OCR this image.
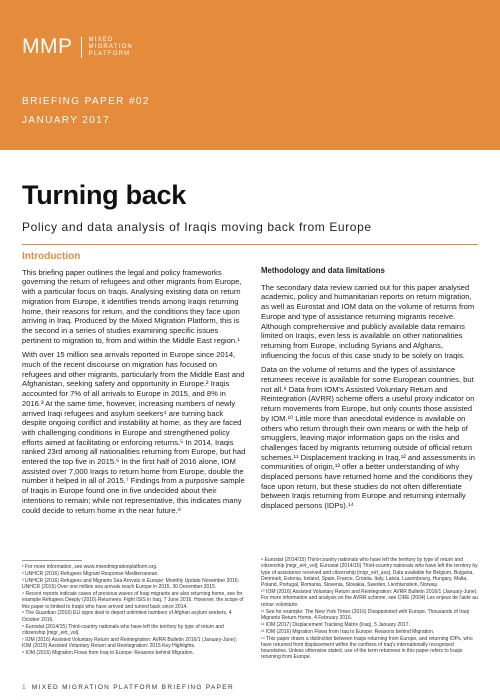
MMP	MIXED
MIGRATION
PLATFORM
BRIEFING PAPER #02
JANUARY 2017
Turning back
Policy and data analysis of Iraqis moving back from Europe
Introduction

This briefing paper outlines the legal and policy frameworks governing the return of refugees and other migrants from Europe, with a particular focus on Iraqis. Analysing existing data on return migration from Europe, it identifies trends among Iraqis returning home, their reasons for return, and the conditions they face upon arriving in Iraq. Produced by the Mixed Migration Platform, this is the second in a series of studies examining specific issues pertinent to migration to, from and within the Middle East region.¹

With over 15 million sea arrivals reported in Europe since 2014, much of the recent discourse on migration has focused on refugees and other migrants, particularly from the Middle East and Afghanistan, seeking safety and opportunity in Europe.² Iraqis accounted for 7% of all arrivals to Europe in 2015, and 8% in 2016.³ At the same time, however, increasing numbers of newly arrived Iraqi refugees and asylum seekers⁴ are turning back despite ongoing conflict and instability at home, as they are faced with challenging conditions in Europe and strengthened policy efforts aimed at facilitating or enforcing returns.⁵ In 2014, Iraqis ranked 23rd among all nationalities returning from Europe, but had entered the top five in 2015.⁶ In the first half of 2016 alone, IOM assisted over 7,000 Iraqis to return home from Europe, double the number it helped in all of 2015.⁷ Findings from a purposive sample of Iraqis in Europe found one in five undecided about their intentions to remain; while not representative, this indicates many could decide to return home in the near future.⁸

Methodology and data limitations

The secondary data review carried out for this paper analysed academic, policy and humanitarian reports on return migration, as well as Eurostat and IOM data on the volume of returns from Europe and type of assistance returning migrants receive. Although comprehensive and publicly available data remains limited on Iraqis, even less is available on other nationalities returning from Europe, including Syrians and Afghans, influencing the focus of this case study to be solely on Iraqis.

Data on the volume of returns and the types of assistance returnees receive is available for some European countries, but not all.⁹ Data from IOM's Assisted Voluntary Return and Reintegration (AVRR) scheme offers a useful proxy indicator on return movements from Europe, but only counts those assisted by IOM.¹⁰ Little more than anecdotal evidence is available on others who return through their own means or with the help of smugglers, leaving major information gaps on the risks and challenges faced by migrants returning outside of official return schemes.¹¹ Displacement tracking in Iraq,¹² and assessments in communities of origin,¹³ offer a better understanding of why displaced persons have returned home and the conditions they face upon return, but these studies do not often differentiate between Iraqis returning from Europe and returning internally displaced persons (IDPs).¹⁴

¹ For more information, see www.mixedmigrationplatform.org.
² UNHCR (2016) Refugees Migrant Response Mediterranean.
³ UNHCR (2016) Refugees and Migrants Sea Arrivals in Europe: Monthly Update November 2016; UNHCR (2015) Over one million sea arrivals reach Europe in 2015, 30 December 2015.
⁴ Recent reports indicate cases of previous waves of Iraqi migrants are also returning home, see for example Refugees Deeply (2016) Returnees: Fight ISIS in Iraq, 7 June 2016. However, the scope of this paper is limited to Iraqis who have arrived and turned back since 2014.
⁵ The Guardian (2016) EU signs deal to deport unlimited numbers of Afghan asylum seekers, 4 October 2016.
⁶ Eurostat (2014/15) Third-country nationals who have left the territory by type of return and citizenship [migr_eirt_vol].
⁷ IOM (2016) Assisted Voluntary Return and Reintegration: AVRR Bulletin 2016/1 (January-June); IOM (2015) Assisted Voluntary Return and Reintegration: 2015 Key Highlights.
⁸ IOM (2016) Migration Flows from Iraq to Europe: Reasons behind Migration.
⁹ Eurostat (2014/15) Third-country nationals who have left the territory by type of return and citizenship [migr_eirt_vol]; Eurostat (2014/15) Third-country nationals who have left the territory by type of assistance received and citizenship [migr_eirt_ass]. Data available for Belgium, Bulgaria, Denmark, Estonia, Ireland, Spain, France, Croatia, Italy, Latvia, Luxembourg, Hungary, Malta, Poland, Portugal, Romania, Slovenia, Slovakia, Sweden, Liechtenstein, Norway.
¹⁰ IOM (2016) Assisted Voluntary Return and Reintegration: AVRR Bulletin 2016/1 (January-June). For more information and analysis on the AVRR scheme, see CIRE (2004) Les enjeux de l'aide au retour volontaire.
¹¹ See for example: The New York Times (2016) Disappointed with Europe, Thousands of Iraqi Migrants Return Home, 4 February 2016.
¹² IOM (2017) Displacement Tracking Matrix (Iraq), 5 January 2017.
¹³ IOM (2016) Migration Flows from Iraq to Europe: Reasons behind Migration.
¹⁴ This paper draws a distinction between Iraqis returning from Europe, and returning IDPs, who have returned from displacement within the confines of Iraq's internationally recognised boundaries. Unless otherwise stated, use of the term returnees in this paper refers to Iraqis returning from Europe.
1 MIXED MIGRATION PLATFORM BRIEFING PAPER
